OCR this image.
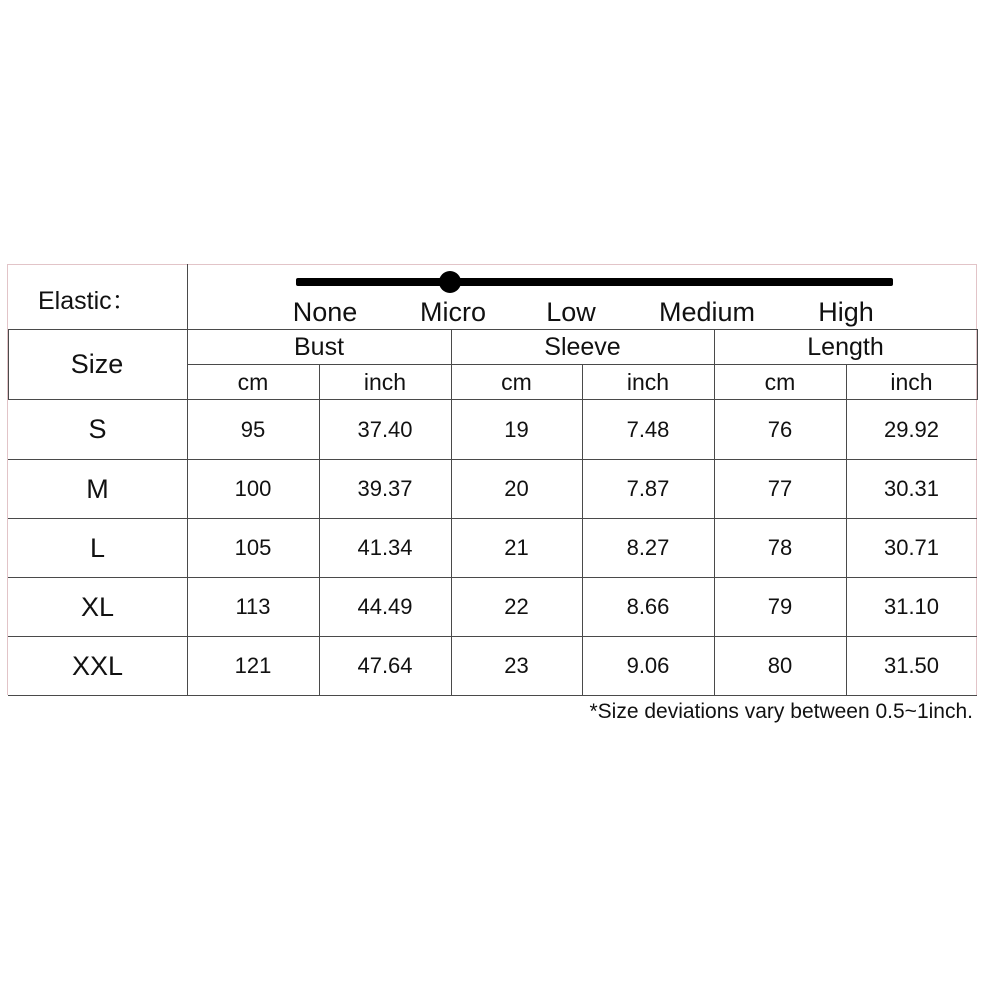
Elastic：	None	Micro	Low	Medium	High
Size
Bust
cm	inch
Sleeve
cm	inch
Length
cm	inch
S	95	37.40	19	7.48	76	29.92
M	100	39.37	20	7.87	77	30.31
L	105	41.34	21	8.27	78	30.71
XL	113	44.49	22	8.66	79	31.10
XXL	121	47.64	23	9.06	80	31.50
*Size deviations vary between 0.5~1inch.
